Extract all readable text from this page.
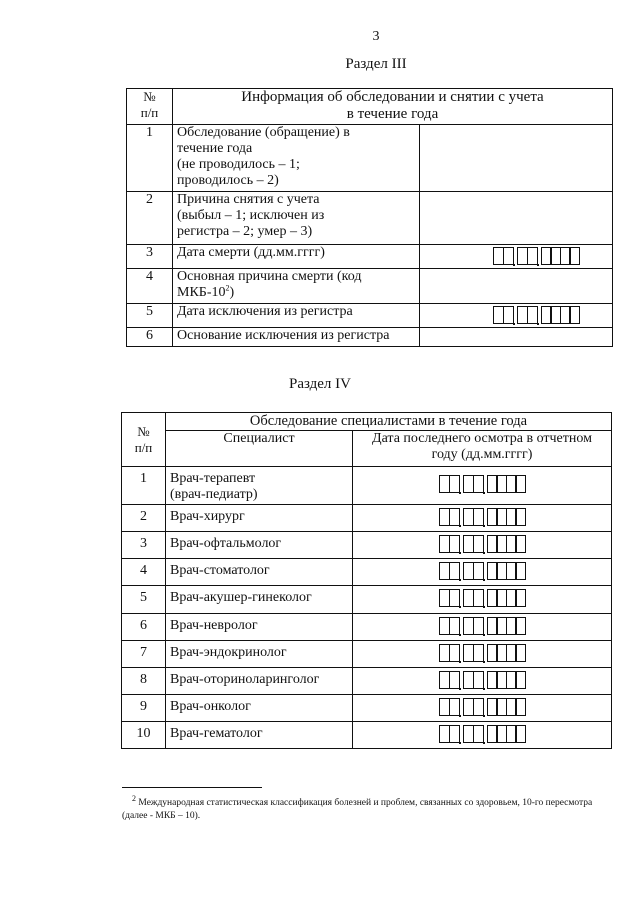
3
Раздел III
№
п/п	Информация об обследовании и снятии с учета
в течение года	
1	Обследование (обращение) в
течение года
(не проводилось – 1;
проводилось – 2)	
2	Причина снятия с учета
(выбыл – 1; исключен из
регистра – 2; умер – 3)	
3	Дата смерти (дд.мм.гггг)	

4	Основная причина смерти (код
МКБ-$10^2$)	
5	Дата исключения из регистра	

6	Основание исключения из регистра	
Раздел IV
№
п/п	Обследование специалистами в течение года	
	Специалист	Дата последнего осмотра в отчетном
году (дд.мм.гггг)
1	Врач-терапевт
(врач-педиатр)	

2	Врач-хирург	

3	Врач-офтальмолог	

4	Врач-стоматолог	

5	Врач-акушер-гинеколог	

6	Врач-невролог	

7	Врач-эндокринолог	

8	Врач-оториноларинголог	

9	Врач-онколог	

10	Врач-гематолог	
$^2$ Международная статистическая классификация болезней и проблем, связанных со здоровьем, 10-го пересмотра (далее - МКБ – 10).
